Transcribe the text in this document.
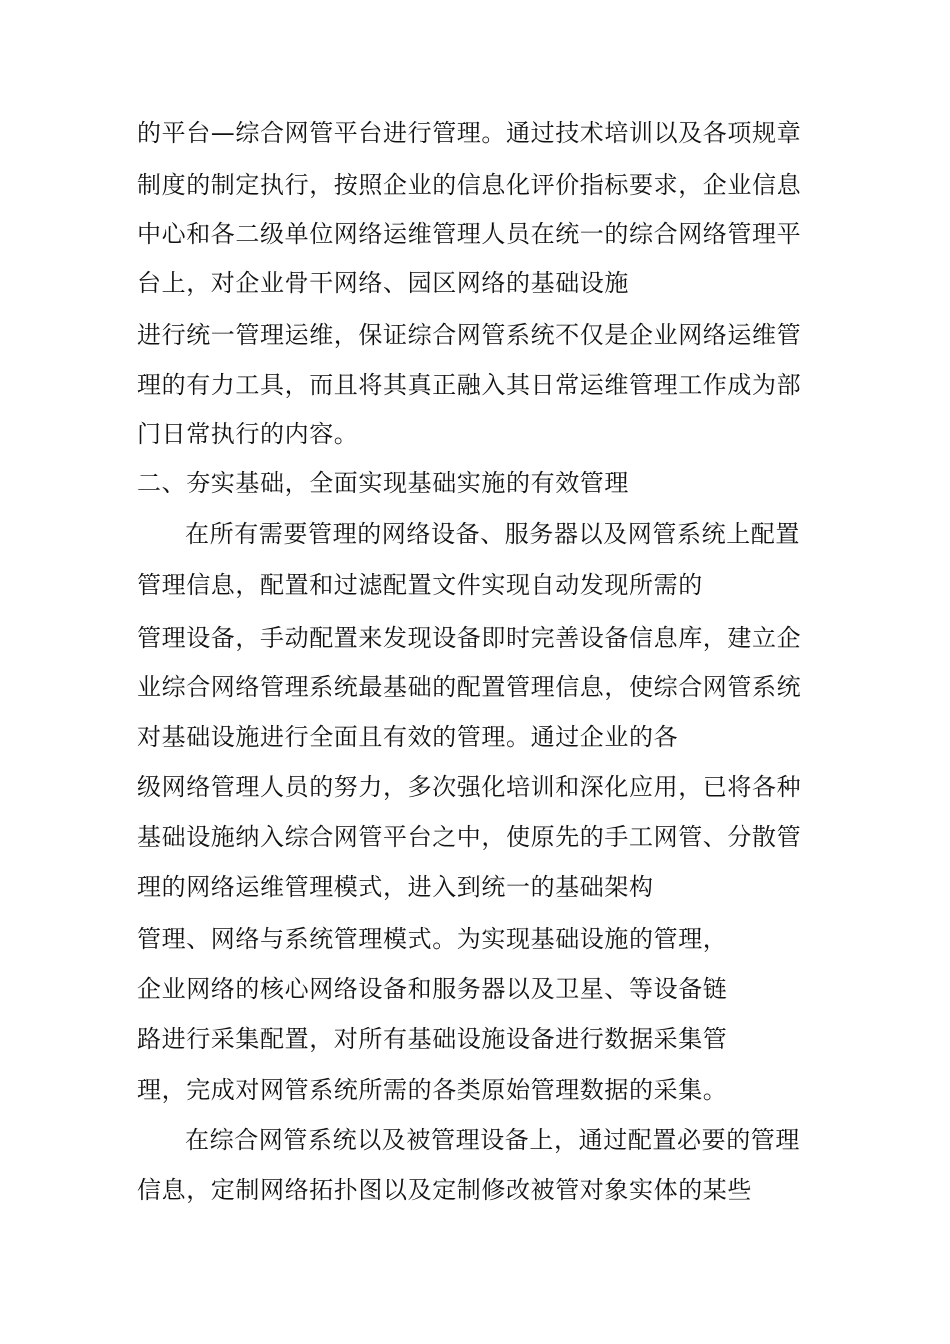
的平台—综合网管平台进行管理。通过技术培训以及各项规章
制度的制定执行，按照企业的信息化评价指标要求，企业信息
中心和各二级单位网络运维管理人员在统一的综合网络管理平
台上，对企业骨干网络、园区网络的基础设施
进行统一管理运维，保证综合网管系统不仅是企业网络运维管
理的有力工具，而且将其真正融入其日常运维管理工作成为部
门日常执行的内容。
二、夯实基础，全面实现基础实施的有效管理
在所有需要管理的网络设备、服务器以及网管系统上配置
管理信息，配置和过滤配置文件实现自动发现所需的
管理设备，手动配置来发现设备即时完善设备信息库，建立企
业综合网络管理系统最基础的配置管理信息，使综合网管系统
对基础设施进行全面且有效的管理。通过企业的各
级网络管理人员的努力，多次强化培训和深化应用，已将各种
基础设施纳入综合网管平台之中，使原先的手工网管、分散管
理的网络运维管理模式，进入到统一的基础架构
管理、网络与系统管理模式。为实现基础设施的管理，
企业网络的核心网络设备和服务器以及卫星、等设备链
路进行采集配置，对所有基础设施设备进行数据采集管
理，完成对网管系统所需的各类原始管理数据的采集。
在综合网管系统以及被管理设备上，通过配置必要的管理
信息，定制网络拓扑图以及定制修改被管对象实体的某些
